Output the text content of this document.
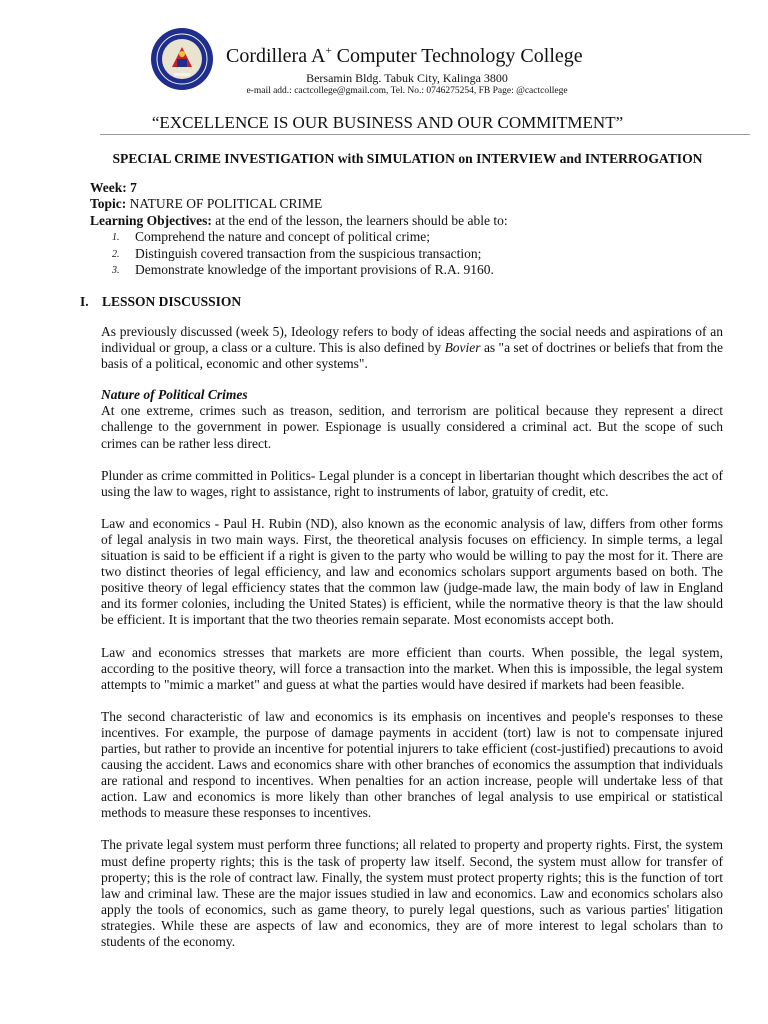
Cordillera A+ Computer Technology College
Bersamin Bldg. Tabuk City, Kalinga 3800
e-mail add.: cactcollege@gmail.com, Tel. No.: 0746275254, FB Page: @cactcollege
“EXCELLENCE IS OUR BUSINESS AND OUR COMMITMENT”
SPECIAL CRIME INVESTIGATION with SIMULATION on INTERVIEW and INTERROGATION
Week: 7
Topic: NATURE OF POLITICAL CRIME
Learning Objectives: at the end of the lesson, the learners should be able to:
1. Comprehend the nature and concept of political crime;
2. Distinguish covered transaction from the suspicious transaction;
3. Demonstrate knowledge of the important provisions of R.A. 9160.
I. LESSON DISCUSSION

As previously discussed (week 5), Ideology refers to body of ideas affecting the social needs and aspirations of an individual or group, a class or a culture. This is also defined by Bovier as "a set of doctrines or beliefs that from the basis of a political, economic and other systems".

Nature of Political Crimes

At one extreme, crimes such as treason, sedition, and terrorism are political because they represent a direct challenge to the government in power. Espionage is usually considered a criminal act. But the scope of such crimes can be rather less direct.

Plunder as crime committed in Politics- Legal plunder is a concept in libertarian thought which describes the act of using the law to wages, right to assistance, right to instruments of labor, gratuity of credit, etc.

Law and economics - Paul H. Rubin (ND), also known as the economic analysis of law, differs from other forms of legal analysis in two main ways. First, the theoretical analysis focuses on efficiency. In simple terms, a legal situation is said to be efficient if a right is given to the party who would be willing to pay the most for it. There are two distinct theories of legal efficiency, and law and economics scholars support arguments based on both. The positive theory of legal efficiency states that the common law (judge-made law, the main body of law in England and its former colonies, including the United States) is efficient, while the normative theory is that the law should be efficient. It is important that the two theories remain separate. Most economists accept both.

Law and economics stresses that markets are more efficient than courts. When possible, the legal system, according to the positive theory, will force a transaction into the market. When this is impossible, the legal system attempts to "mimic a market" and guess at what the parties would have desired if markets had been feasible.

The second characteristic of law and economics is its emphasis on incentives and people's responses to these incentives. For example, the purpose of damage payments in accident (tort) law is not to compensate injured parties, but rather to provide an incentive for potential injurers to take efficient (cost-justified) precautions to avoid causing the accident. Laws and economics share with other branches of economics the assumption that individuals are rational and respond to incentives. When penalties for an action increase, people will undertake less of that action. Law and economics is more likely than other branches of legal analysis to use empirical or statistical methods to measure these responses to incentives.

The private legal system must perform three functions; all related to property and property rights. First, the system must define property rights; this is the task of property law itself. Second, the system must allow for transfer of property; this is the role of contract law. Finally, the system must protect property rights; this is the function of tort law and criminal law. These are the major issues studied in law and economics. Law and economics scholars also apply the tools of economics, such as game theory, to purely legal questions, such as various parties' litigation strategies. While these are aspects of law and economics, they are of more interest to legal scholars than to students of the economy.
